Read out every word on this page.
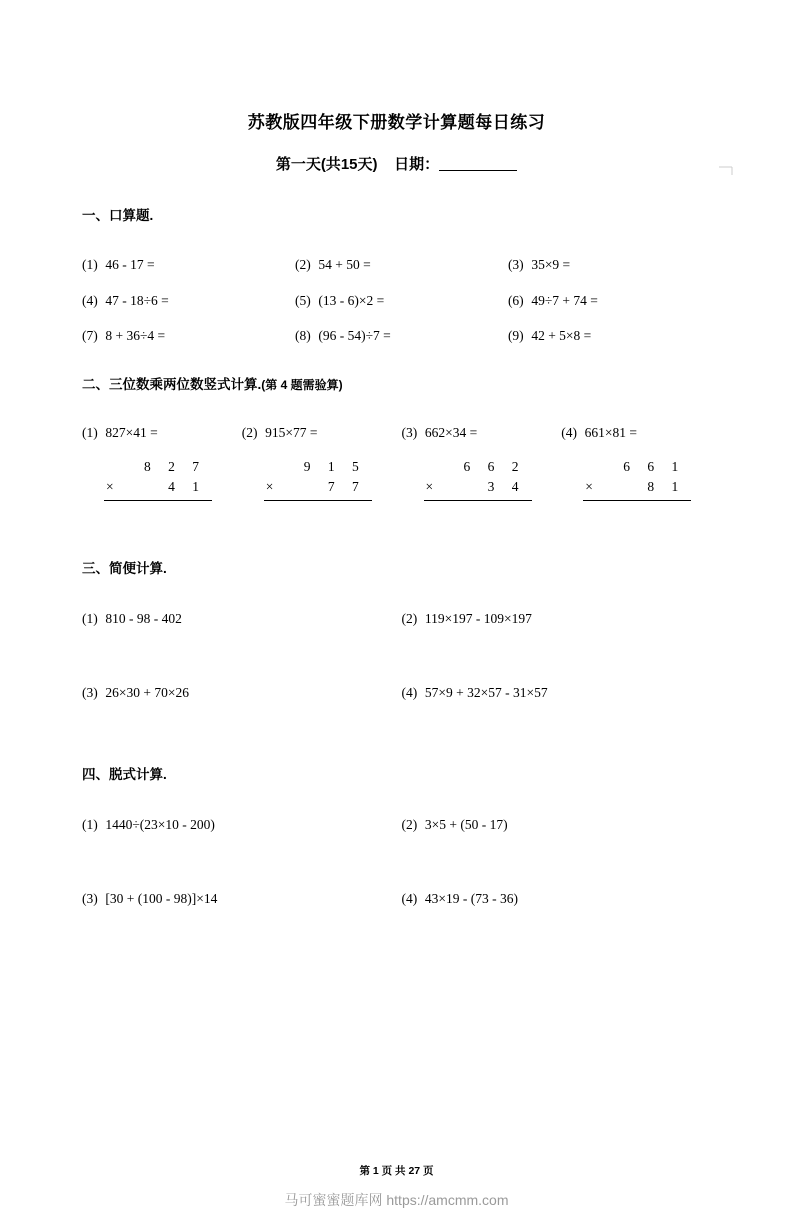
苏教版四年级下册数学计算题每日练习
第一天(共15天) 日期：
一、口算题.
(1) 46 - 17 =	(2) 54 + 50 =	(3) 35×9 =
(4) 47 - 18÷6 =	(5) (13 - 6)×2 =	(6) 49÷7 + 74 =
(7) 8 + 36÷4 =	(8) (96 - 54)÷7 =	(9) 42 + 5×8 =
二、三位数乘两位数竖式计算.(第 4 题需验算)
(1) 827×41 =	(2) 915×77 =	(3) 662×34 =	(4) 661×81 =
8 2 7
×	4 1
9 1 5
×	7 7
6 6 2
×	3 4
6 6 1
×	8 1
三、简便计算.
(1) 810 - 98 - 402	(2) 119×197 - 109×197
(3) 26×30 + 70×26	(4) 57×9 + 32×57 - 31×57
四、脱式计算.
(1) 1440÷(23×10 - 200)	(2) 3×5 + (50 - 17)
(3) [30 + (100 - 98)]×14	(4) 43×19 - (73 - 36)
第 1 页 共 27 页
马可蜜蜜题库网 https://amcmm.com
